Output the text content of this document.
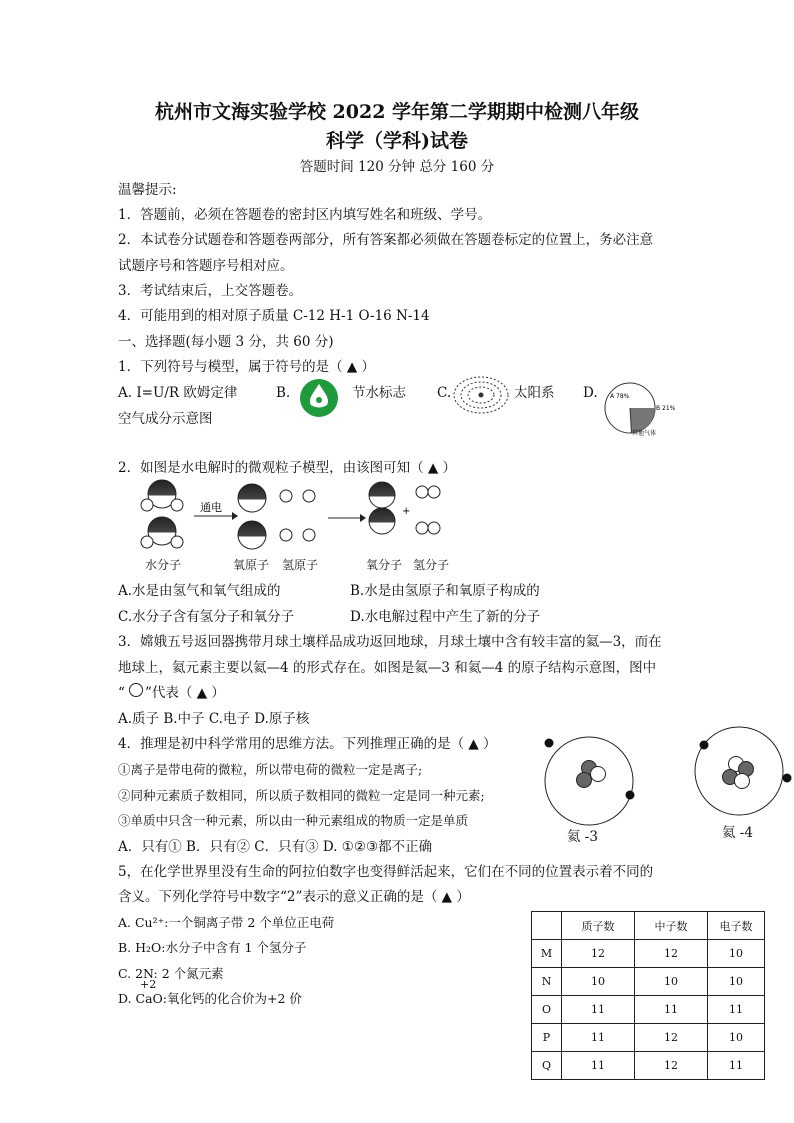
杭州市文海实验学校 2022 学年第二学期期中检测八年级
科学（学科)试卷
答题时间 120 分钟 总分 160 分
温馨提示:
1．答题前，必须在答题卷的密封区内填写姓名和班级、学号。
2．本试卷分试题卷和答题卷两部分，所有答案都必须做在答题卷标定的位置上，务必注意
试题序号和答题序号相对应。
3．考试结束后，上交答题卷。
4．可能用到的相对原子质量 C-12 H-1 O-16 N-14
一、选择题(每小题 3 分，共 60 分)
1．下列符号与模型，属于符号的是（ ▲ ）
A. I=U/R 欧姆定律	B.	节水标志 C.	太阳系 D. A 78%
B 21%
其他气体
空气成分示意图
2．如图是水电解时的微观粒子模型，由该图可知（ ▲ ）
通电	+
水分子	氧原子 氢原子	氧分子 氢分子
A.水是由氢气和氧气组成的	B.水是由氢原子和氧原子构成的
C.水分子含有氢分子和氧分子	D.水电解过程中产生了新的分子
3．嫦娥五号返回器携带月球土壤样品成功返回地球，月球土壤中含有较丰富的氦—3，而在
地球上，氦元素主要以氦—4 的形式存在。如图是氦—3 和氦—4 的原子结构示意图，图中
“ ”代表（ ▲ ）
A.质子 B.中子 C.电子 D.原子核
4．推理是初中科学常用的思维方法。下列推理正确的是（ ▲ ）
①离子是带电荷的微粒，所以带电荷的微粒一定是离子;
②同种元素质子数相同，所以质子数相同的微粒一定是同一种元素;
③单质中只含一种元素，所以由一种元素组成的物质一定是单质
A．只有① B．只有② C．只有③ D. ①②③都不正确
氦 -3	氦 -4
5，在化学世界里没有生命的阿拉伯数字也变得鲜活起来，它们在不同的位置表示着不同的
含义。下列化学符号中数字“2”表示的意义正确的是（ ▲ ）
A. Cu²⁺:一个铜离子带 2 个单位正电荷
B. H₂O:水分子中含有 1 个氢分子
C. 2N: 2 个氮元素
+2
D. CaO:氧化钙的化合价为+2 价
	质子数	中子数	电子数
M	12	12	10
N	10	10	10
O	11	11	11
P	11	12	10
Q	11	12	11
